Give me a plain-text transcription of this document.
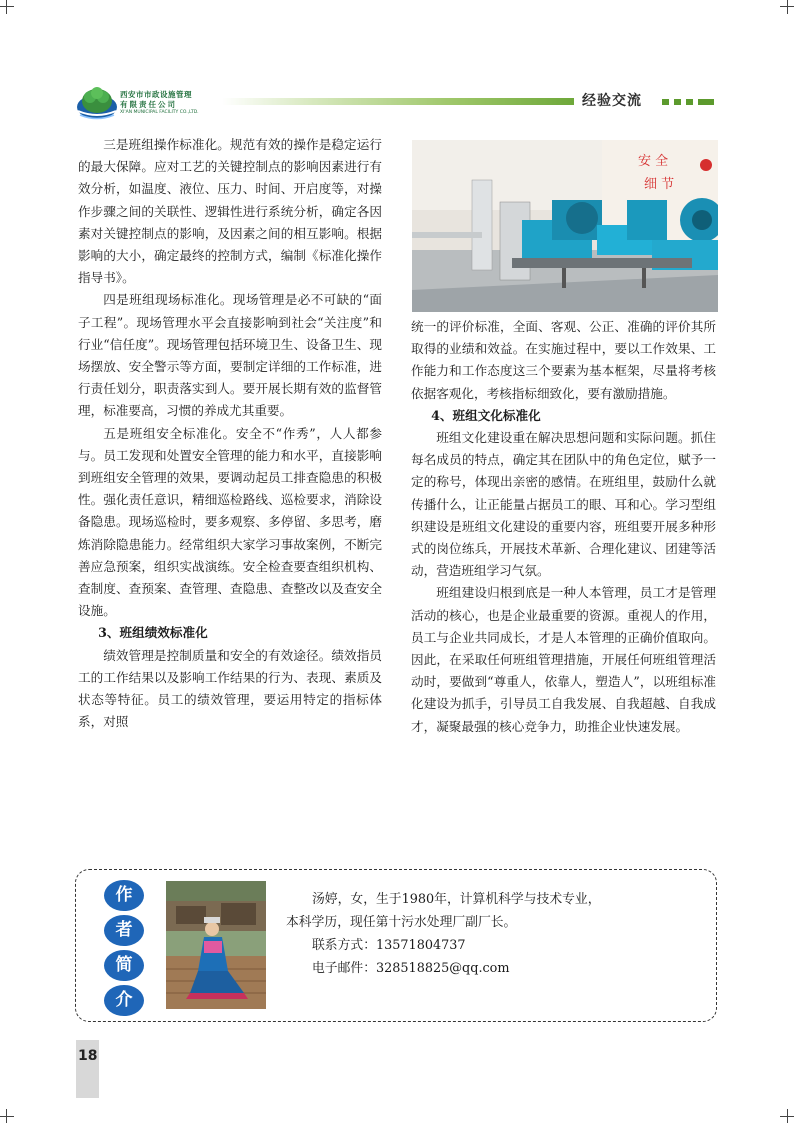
西安市市政设施管理
有限责任公司
XI'AN MUNICIPAL FACILITY CO.,LTD.
经验交流

三是班组操作标准化。规范有效的操作是稳定运行的最大保障。应对工艺的关键控制点的影响因素进行有效分析，如温度、液位、压力、时间、开启度等，对操作步骤之间的关联性、逻辑性进行系统分析，确定各因素对关键控制点的影响，及因素之间的相互影响。根据影响的大小，确定最终的控制方式，编制《标准化操作指导书》。

四是班组现场标准化。现场管理是必不可缺的“面子工程”。现场管理水平会直接影响到社会“关注度”和行业“信任度”。现场管理包括环境卫生、设备卫生、现场摆放、安全警示等方面，要制定详细的工作标准，进行责任划分，职责落实到人。要开展长期有效的监督管理，标准要高，习惯的养成尤其重要。

五是班组安全标准化。安全不“作秀”，人人都参与。员工发现和处置安全管理的能力和水平，直接影响到班组安全管理的效果，要调动起员工排查隐患的积极性。强化责任意识，精细巡检路线、巡检要求，消除设备隐患。现场巡检时，要多观察、多停留、多思考，磨炼消除隐患能力。经常组织大家学习事故案例，不断完善应急预案，组织实战演练。安全检查要查组织机构、查制度、查预案、查管理、查隐患、查整改以及查安全设施。

3、班组绩效标准化

绩效管理是控制质量和安全的有效途径。绩效指员工的工作结果以及影响工作结果的行为、表现、素质及状态等特征。员工的绩效管理，要运用特定的指标体系，对照

安 全
细 节

统一的评价标准，全面、客观、公正、准确的评价其所取得的业绩和效益。在实施过程中，要以工作效果、工作能力和工作态度这三个要素为基本框架，尽量将考核依据客观化，考核指标细致化，要有激励措施。

4、班组文化标准化

班组文化建设重在解决思想问题和实际问题。抓住每名成员的特点，确定其在团队中的角色定位，赋予一定的称号，体现出亲密的感情。在班组里，鼓励什么就传播什么，让正能量占据员工的眼、耳和心。学习型组织建设是班组文化建设的重要内容，班组要开展多种形式的岗位练兵，开展技术革新、合理化建议、团建等活动，营造班组学习气氛。

班组建设归根到底是一种人本管理，员工才是管理活动的核心，也是企业最重要的资源。重视人的作用，员工与企业共同成长，才是人本管理的正确价值取向。因此，在采取任何班组管理措施，开展任何班组管理活动时，要做到“尊重人，依靠人，塑造人”，以班组标准化建设为抓手，引导员工自我发展、自我超越、自我成才，凝聚最强的核心竞争力，助推企业快速发展。

作
者
简
介
汤婷，女，生于1980年，计算机科学与技术专业，
本科学历，现任第十污水处理厂副厂长。
联系方式：13571804737
电子邮件：328518825@qq.com
18
